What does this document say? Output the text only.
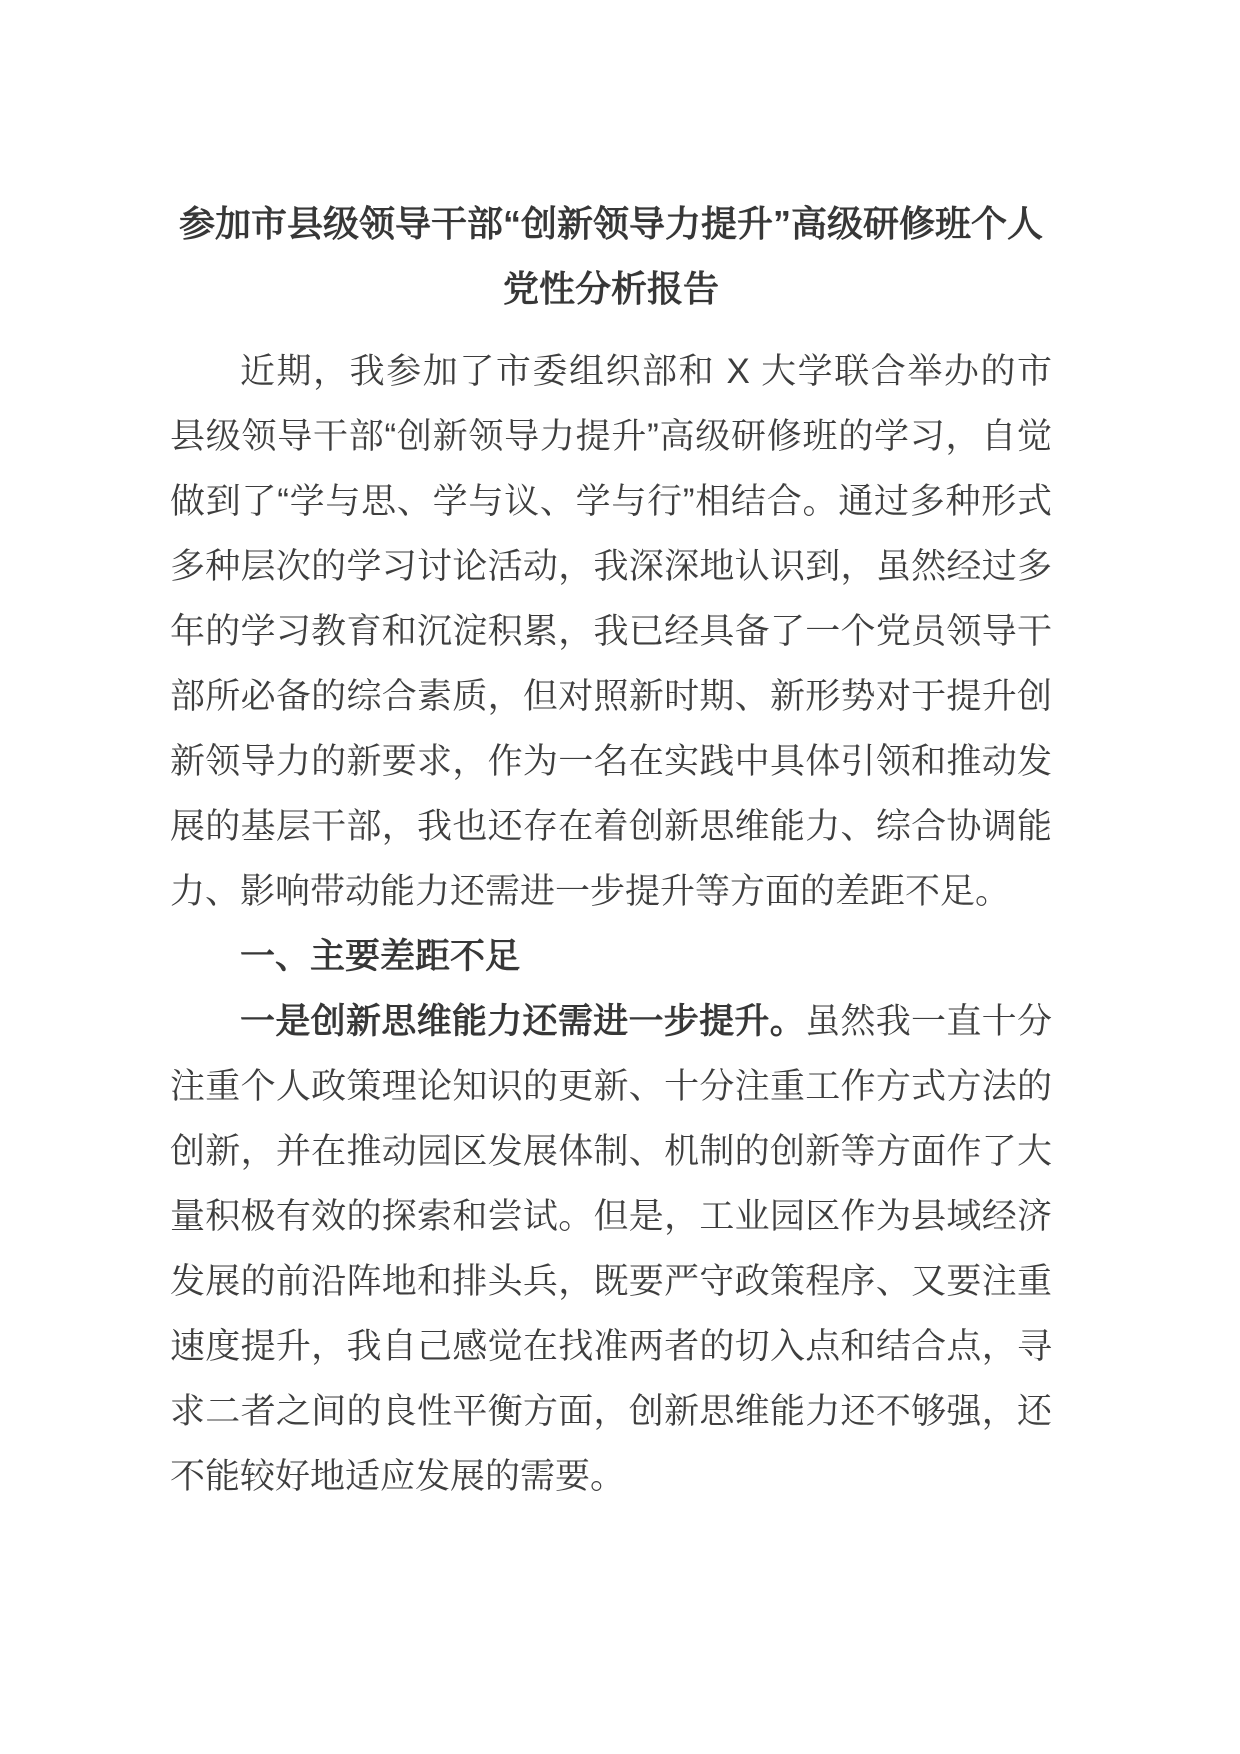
参加市县级领导干部“创新领导力提升”高级研修班个人
党性分析报告

近期，我参加了市委组织部和 X 大学联合举办的市县级领导干部“创新领导力提升”高级研修班的学习，自觉做到了“学与思、学与议、学与行”相结合。通过多种形式多种层次的学习讨论活动，我深深地认识到，虽然经过多年的学习教育和沉淀积累，我已经具备了一个党员领导干部所必备的综合素质，但对照新时期、新形势对于提升创新领导力的新要求，作为一名在实践中具体引领和推动发展的基层干部，我也还存在着创新思维能力、综合协调能力、影响带动能力还需进一步提升等方面的差距不足。

一、主要差距不足

一是创新思维能力还需进一步提升。虽然我一直十分注重个人政策理论知识的更新、十分注重工作方式方法的创新，并在推动园区发展体制、机制的创新等方面作了大量积极有效的探索和尝试。但是，工业园区作为县域经济发展的前沿阵地和排头兵，既要严守政策程序、又要注重速度提升，我自己感觉在找准两者的切入点和结合点，寻求二者之间的良性平衡方面，创新思维能力还不够强，还不能较好地适应发展的需要。
